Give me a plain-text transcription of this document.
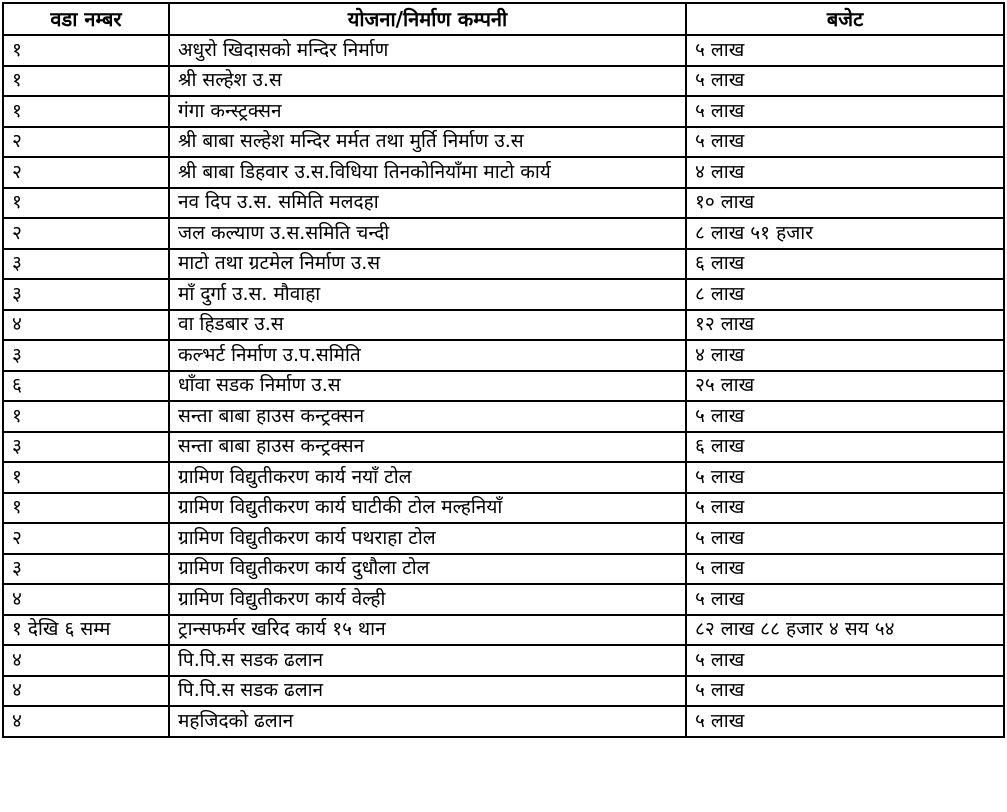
वडा नम्बर	योजना/निर्माण कम्पनी	बजेट
१	अधुरो खिदासको मन्दिर निर्माण	५ लाख
१	श्री सल्हेश उ.स	५ लाख
१	गंगा कन्स्ट्रक्सन	५ लाख
२	श्री बाबा सल्हेश मन्दिर मर्मत तथा मुर्ति निर्माण उ.स	५ लाख
२	श्री बाबा डिहवार उ.स.विधिया तिनकोनियाँमा माटो कार्य	४ लाख
१	नव दिप उ.स. समिति मलदहा	१० लाख
२	जल कल्याण उ.स.समिति चन्दी	८ लाख ५१ हजार
३	माटो तथा ग्रटमेल निर्माण उ.स	६ लाख
३	माँ दुर्गा उ.स. मौवाहा	८ लाख
४	वा हिडबार उ.स	१२ लाख
३	कल्भर्ट निर्माण उ.प.समिति	४ लाख
६	धाँवा सडक निर्माण उ.स	२५ लाख
१	सन्ता बाबा हाउस कन्ट्रक्सन	५ लाख
३	सन्ता बाबा हाउस कन्ट्रक्सन	६ लाख
१	ग्रामिण विद्युतीकरण कार्य नयाँ टोल	५ लाख
१	ग्रामिण विद्युतीकरण कार्य घाटीकी टोल मल्हनियाँ	५ लाख
२	ग्रामिण विद्युतीकरण कार्य पथराहा टोल	५ लाख
३	ग्रामिण विद्युतीकरण कार्य दुधौला टोल	५ लाख
४	ग्रामिण विद्युतीकरण कार्य वेल्ही	५ लाख
१ देखि ६ सम्म	ट्रान्सफर्मर खरिद कार्य १५ थान	८२ लाख ८८ हजार ४ सय ५४
४	पि.पि.स सडक ढलान	५ लाख
४	पि.पि.स सडक ढलान	५ लाख
४	महजिदको ढलान	५ लाख
